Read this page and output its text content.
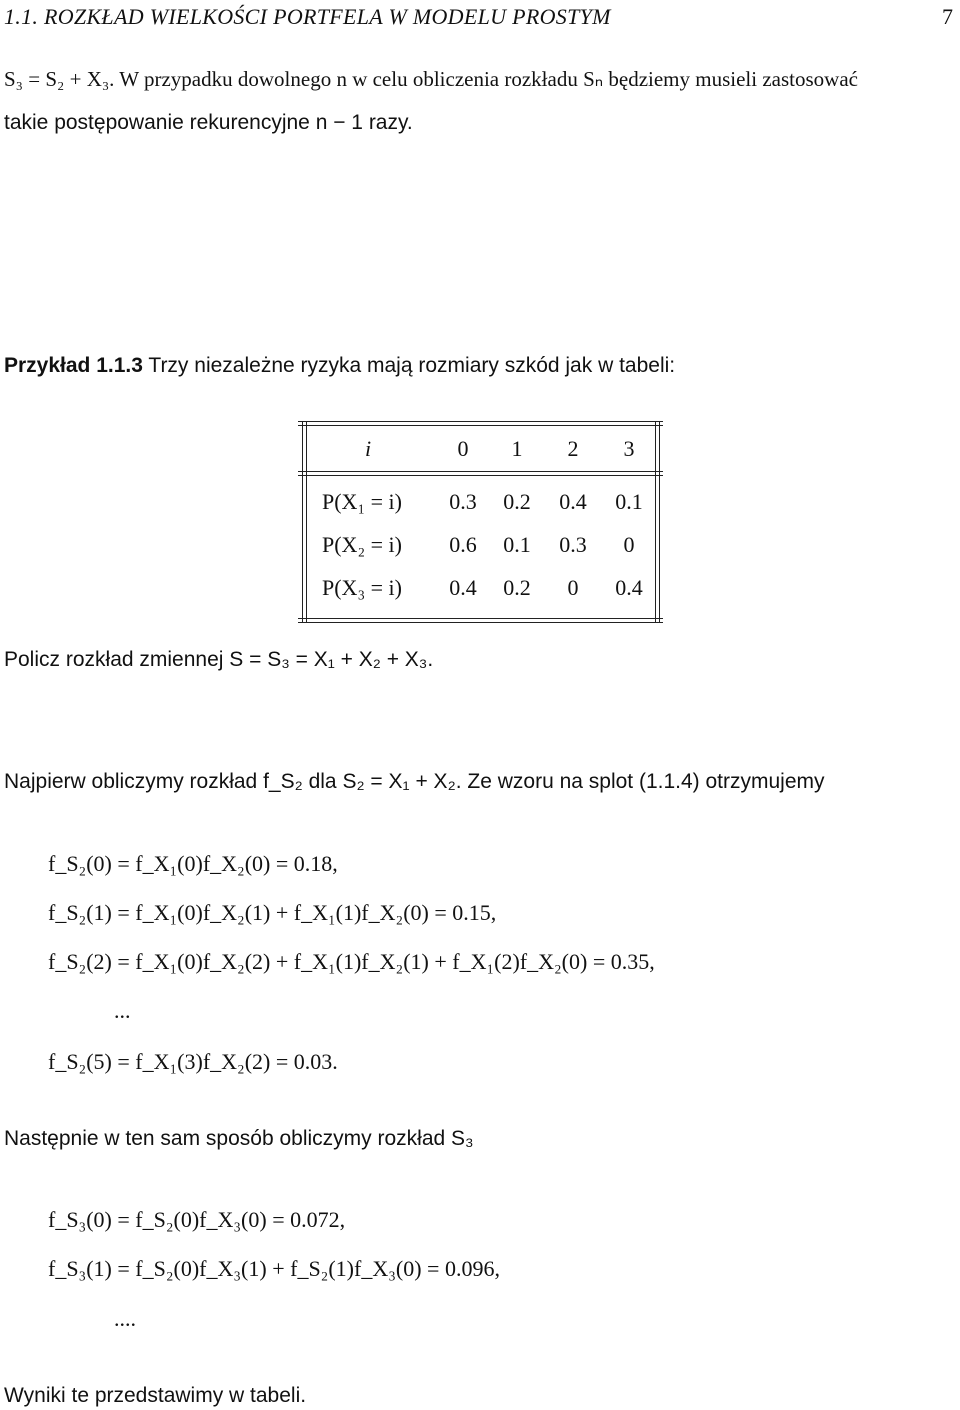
1.1. ROZKŁAD WIELKOŚCI PORTFELA W MODELU PROSTYM	7
S₃ = S₂ + X₃. W przypadku dowolnego n w celu obliczenia rozkładu Sₙ będziemy musieli zastosować
takie postępowanie rekurencyjne n − 1 razy.
Przykład 1.1.3 Trzy niezależne ryzyka mają rozmiary szkód jak w tabeli:
i	0	1	2	3
P(X₁ = i)	0.3	0.2	0.4	0.1
P(X₂ = i)	0.6	0.1	0.3	0
P(X₃ = i)	0.4	0.2	0	0.4
Policz rozkład zmiennej S = S₃ = X₁ + X₂ + X₃.
Najpierw obliczymy rozkład f_S₂ dla S₂ = X₁ + X₂. Ze wzoru na splot (1.1.4) otrzymujemy
f_S₂(0) = f_X₁(0)f_X₂(0) = 0.18,
f_S₂(1) = f_X₁(0)f_X₂(1) + f_X₁(1)f_X₂(0) = 0.15,
f_S₂(2) = f_X₁(0)f_X₂(2) + f_X₁(1)f_X₂(1) + f_X₁(2)f_X₂(0) = 0.35,
...
f_S₂(5) = f_X₁(3)f_X₂(2) = 0.03.
Następnie w ten sam sposób obliczymy rozkład S₃
f_S₃(0) = f_S₂(0)f_X₃(0) = 0.072,
f_S₃(1) = f_S₂(0)f_X₃(1) + f_S₂(1)f_X₃(0) = 0.096,
....
Wyniki te przedstawimy w tabeli.
